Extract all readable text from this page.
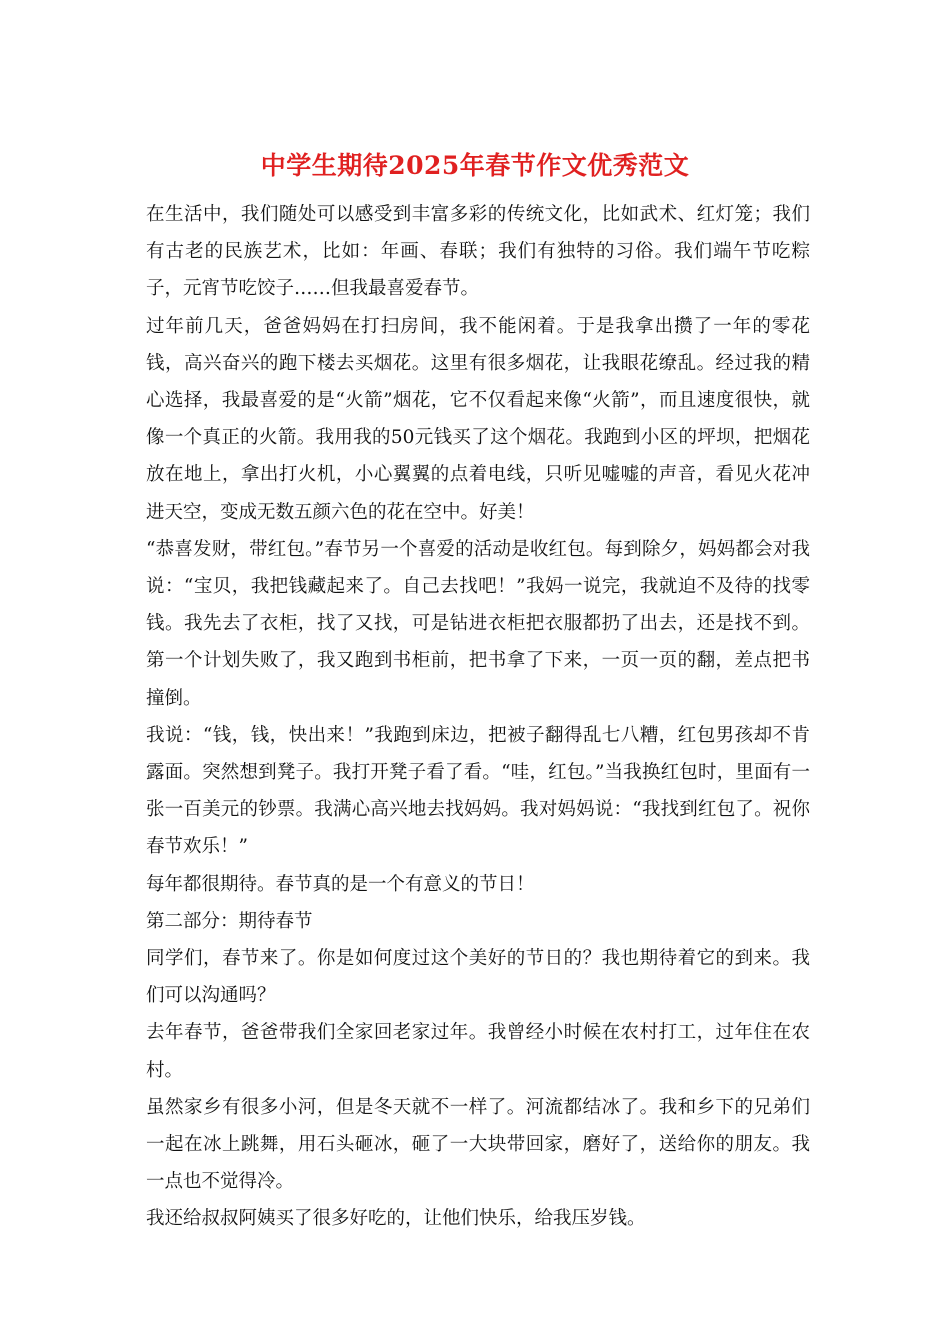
中学生期待2025年春节作文优秀范文

在生活中，我们随处可以感受到丰富多彩的传统文化，比如武术、红灯笼；我们有古老的民族艺术，比如：年画、春联；我们有独特的习俗。我们端午节吃粽子，元宵节吃饺子……但我最喜爱春节。

过年前几天，爸爸妈妈在打扫房间，我不能闲着。于是我拿出攒了一年的零花钱，高兴奋兴的跑下楼去买烟花。这里有很多烟花，让我眼花缭乱。经过我的精心选择，我最喜爱的是“火箭”烟花，它不仅看起来像“火箭”，而且速度很快，就像一个真正的火箭。我用我的50元钱买了这个烟花。我跑到小区的坪坝，把烟花放在地上，拿出打火机，小心翼翼的点着电线，只听见嘘嘘的声音，看见火花冲进天空，变成无数五颜六色的花在空中。好美！

“恭喜发财，带红包。”春节另一个喜爱的活动是收红包。每到除夕，妈妈都会对我说：“宝贝，我把钱藏起来了。自己去找吧！”我妈一说完，我就迫不及待的找零钱。我先去了衣柜，找了又找，可是钻进衣柜把衣服都扔了出去，还是找不到。第一个计划失败了，我又跑到书柜前，把书拿了下来，一页一页的翻，差点把书撞倒。

我说：“钱，钱，快出来！”我跑到床边，把被子翻得乱七八糟，红包男孩却不肯露面。突然想到凳子。我打开凳子看了看。“哇，红包。”当我换红包时，里面有一张一百美元的钞票。我满心高兴地去找妈妈。我对妈妈说：“我找到红包了。祝你春节欢乐！”

每年都很期待。春节真的是一个有意义的节日！

第二部分：期待春节

同学们，春节来了。你是如何度过这个美好的节日的？我也期待着它的到来。我们可以沟通吗？

去年春节，爸爸带我们全家回老家过年。我曾经小时候在农村打工，过年住在农村。

虽然家乡有很多小河，但是冬天就不一样了。河流都结冰了。我和乡下的兄弟们一起在冰上跳舞，用石头砸冰，砸了一大块带回家，磨好了，送给你的朋友。我一点也不觉得冷。

我还给叔叔阿姨买了很多好吃的，让他们快乐，给我压岁钱。
